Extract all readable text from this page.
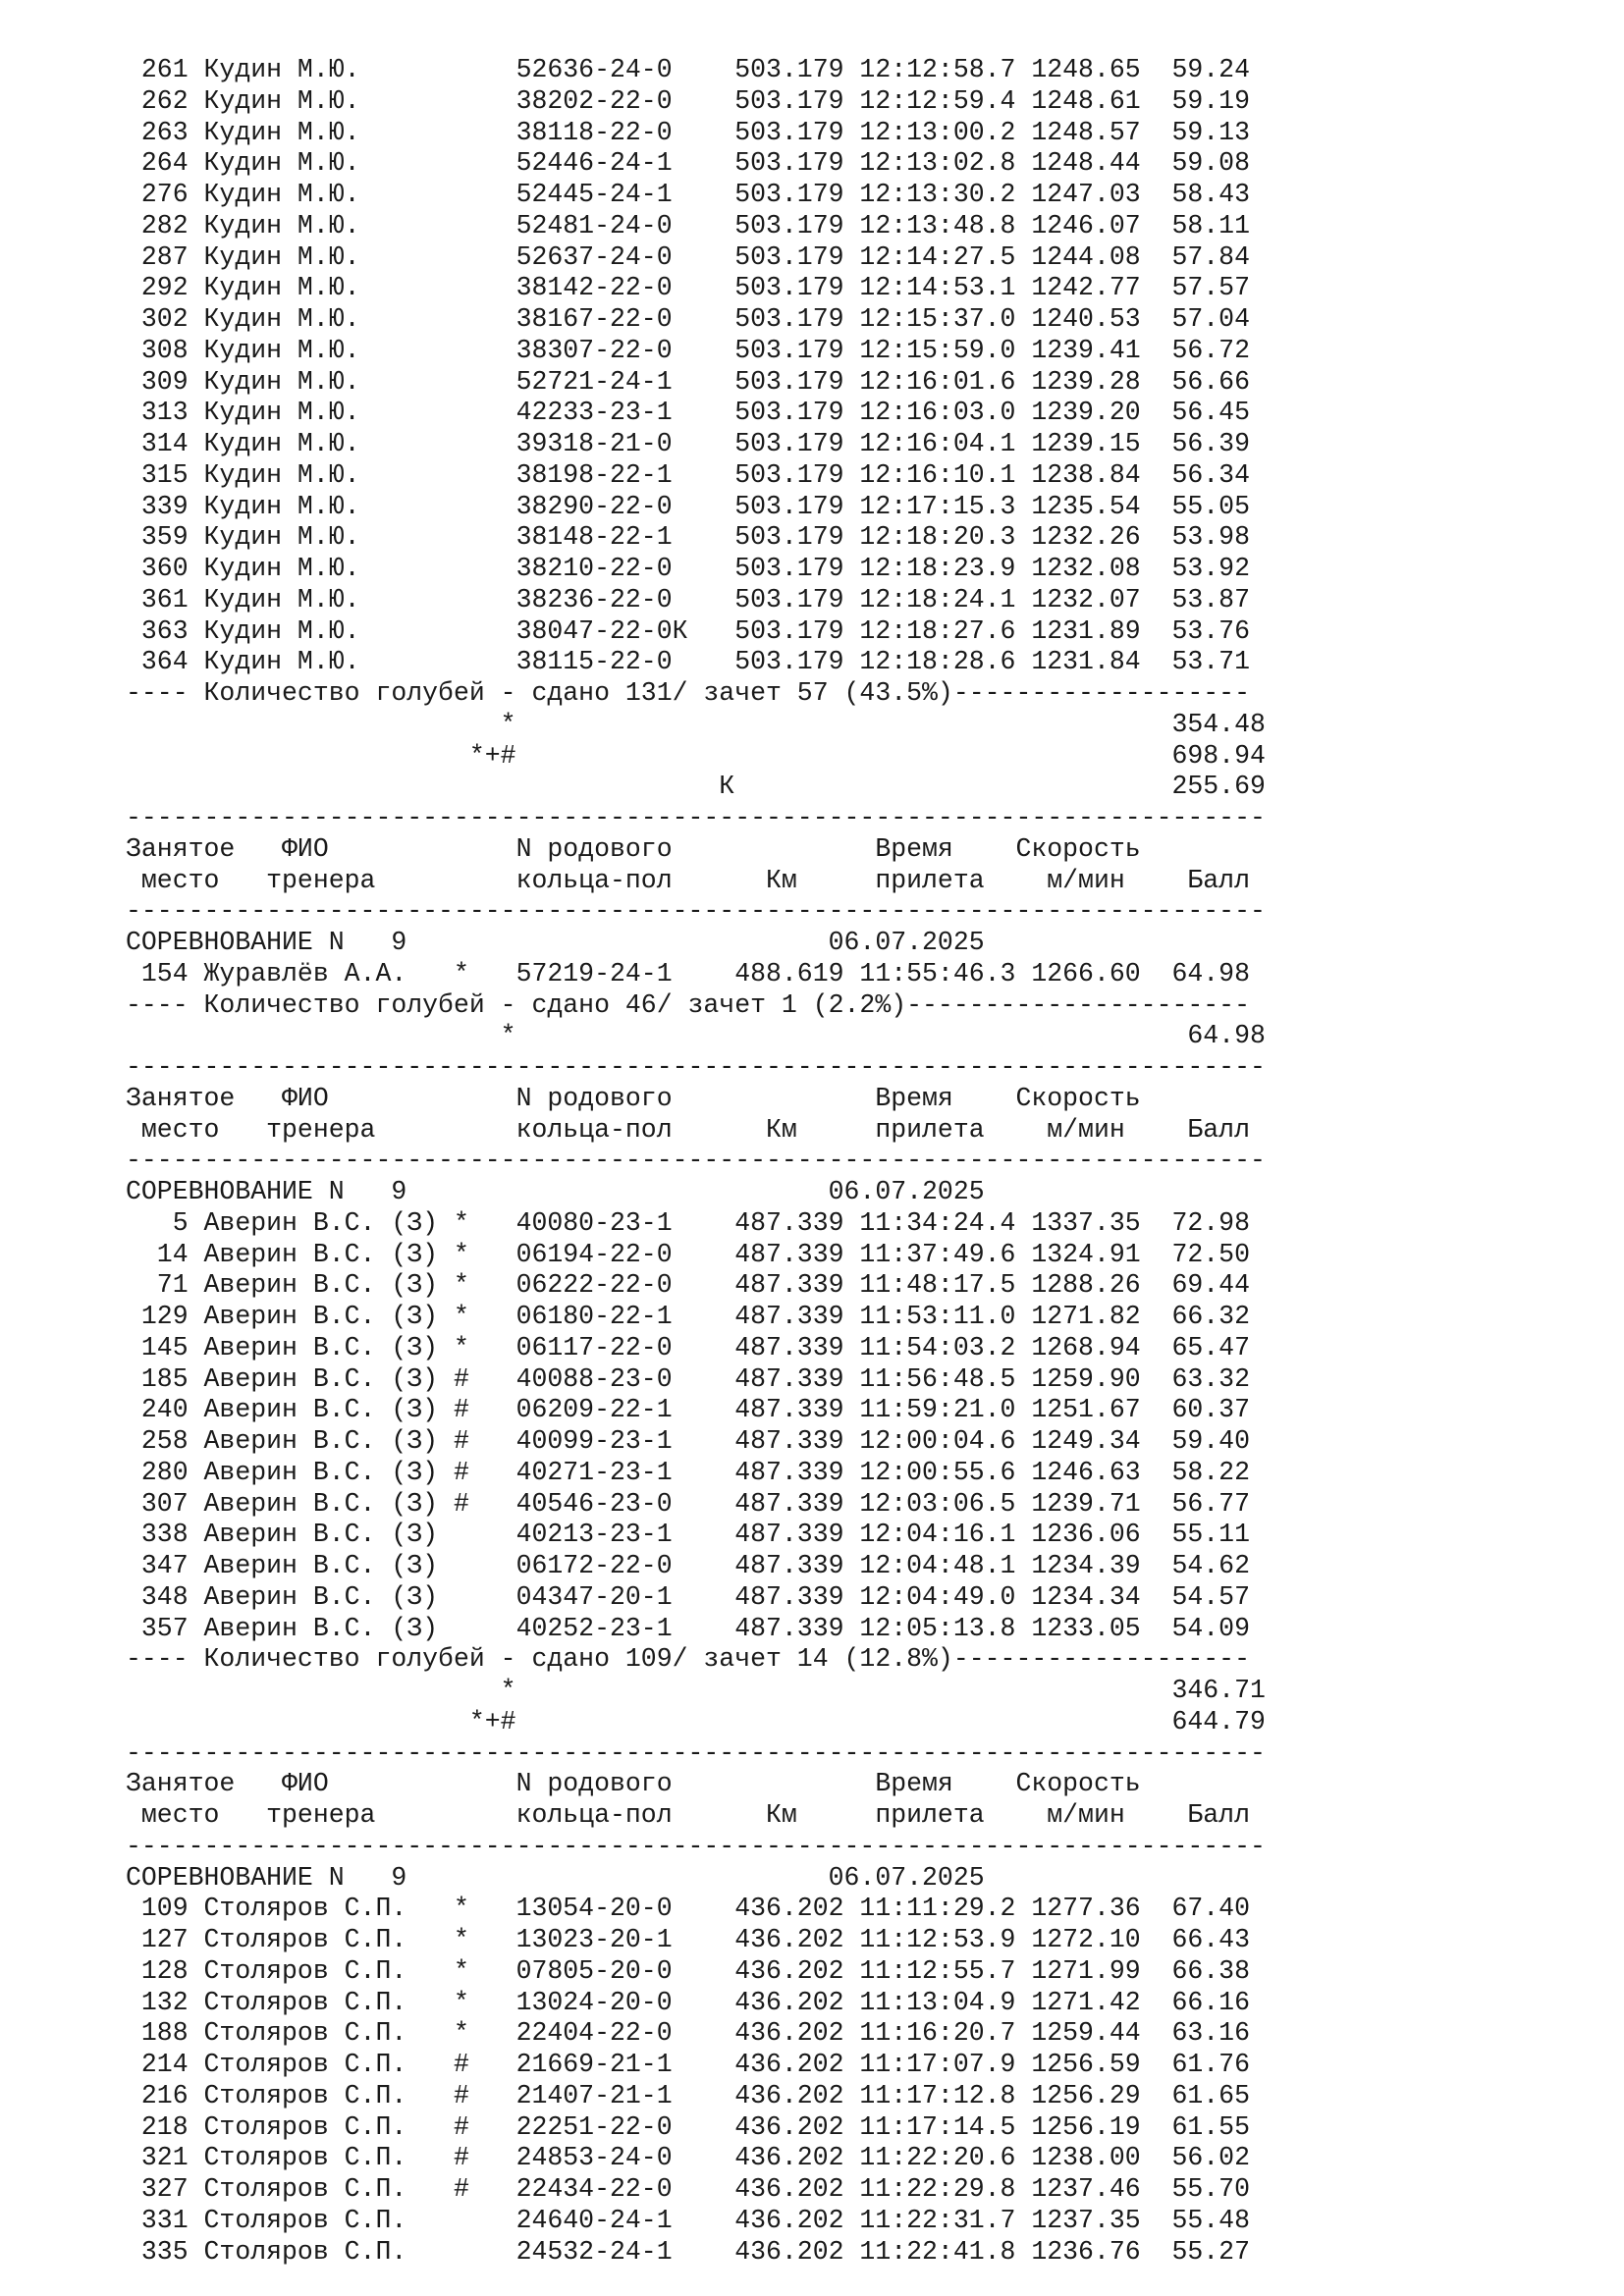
261 Кудин М.Ю.          52636-24-0    503.179 12:12:58.7 1248.65  59.24
262 Кудин М.Ю.          38202-22-0    503.179 12:12:59.4 1248.61  59.19
263 Кудин М.Ю.          38118-22-0    503.179 12:13:00.2 1248.57  59.13
264 Кудин М.Ю.          52446-24-1    503.179 12:13:02.8 1248.44  59.08
276 Кудин М.Ю.          52445-24-1    503.179 12:13:30.2 1247.03  58.43
282 Кудин М.Ю.          52481-24-0    503.179 12:13:48.8 1246.07  58.11
287 Кудин М.Ю.          52637-24-0    503.179 12:14:27.5 1244.08  57.84
292 Кудин М.Ю.          38142-22-0    503.179 12:14:53.1 1242.77  57.57
302 Кудин М.Ю.          38167-22-0    503.179 12:15:37.0 1240.53  57.04
308 Кудин М.Ю.          38307-22-0    503.179 12:15:59.0 1239.41  56.72
309 Кудин М.Ю.          52721-24-1    503.179 12:16:01.6 1239.28  56.66
313 Кудин М.Ю.          42233-23-1    503.179 12:16:03.0 1239.20  56.45
314 Кудин М.Ю.          39318-21-0    503.179 12:16:04.1 1239.15  56.39
315 Кудин М.Ю.          38198-22-1    503.179 12:16:10.1 1238.84  56.34
339 Кудин М.Ю.          38290-22-0    503.179 12:17:15.3 1235.54  55.05
359 Кудин М.Ю.          38148-22-1    503.179 12:18:20.3 1232.26  53.98
360 Кудин М.Ю.          38210-22-0    503.179 12:18:23.9 1232.08  53.92
361 Кудин М.Ю.          38236-22-0    503.179 12:18:24.1 1232.07  53.87
363 Кудин М.Ю.          38047-22-0К   503.179 12:18:27.6 1231.89  53.76
364 Кудин М.Ю.          38115-22-0    503.179 12:18:28.6 1231.84  53.71
---- Количество голубей - сдано 131/ зачет 57 (43.5%)-------------------
*                                          354.48
*+#                                          698.94
К                            255.69
-------------------------------------------------------------------------
Занятое   ФИО            N родового             Время    Скорость
место   тренера         кольца-пол      Км     прилета    м/мин    Балл
-------------------------------------------------------------------------
СОРЕВНОВАНИЕ N   9                           06.07.2025
154 Журавлёв А.А.   *   57219-24-1    488.619 11:55:46.3 1266.60  64.98
---- Количество голубей - сдано 46/ зачет 1 (2.2%)----------------------
*                                           64.98
-------------------------------------------------------------------------
Занятое   ФИО            N родового             Время    Скорость
место   тренера         кольца-пол      Км     прилета    м/мин    Балл
-------------------------------------------------------------------------
СОРЕВНОВАНИЕ N   9                           06.07.2025
5 Аверин В.С. (З) *   40080-23-1    487.339 11:34:24.4 1337.35  72.98
14 Аверин В.С. (З) *   06194-22-0    487.339 11:37:49.6 1324.91  72.50
71 Аверин В.С. (З) *   06222-22-0    487.339 11:48:17.5 1288.26  69.44
129 Аверин В.С. (З) *   06180-22-1    487.339 11:53:11.0 1271.82  66.32
145 Аверин В.С. (З) *   06117-22-0    487.339 11:54:03.2 1268.94  65.47
185 Аверин В.С. (З) #   40088-23-0    487.339 11:56:48.5 1259.90  63.32
240 Аверин В.С. (З) #   06209-22-1    487.339 11:59:21.0 1251.67  60.37
258 Аверин В.С. (З) #   40099-23-1    487.339 12:00:04.6 1249.34  59.40
280 Аверин В.С. (З) #   40271-23-1    487.339 12:00:55.6 1246.63  58.22
307 Аверин В.С. (З) #   40546-23-0    487.339 12:03:06.5 1239.71  56.77
338 Аверин В.С. (З)     40213-23-1    487.339 12:04:16.1 1236.06  55.11
347 Аверин В.С. (З)     06172-22-0    487.339 12:04:48.1 1234.39  54.62
348 Аверин В.С. (З)     04347-20-1    487.339 12:04:49.0 1234.34  54.57
357 Аверин В.С. (З)     40252-23-1    487.339 12:05:13.8 1233.05  54.09
---- Количество голубей - сдано 109/ зачет 14 (12.8%)-------------------
*                                          346.71
*+#                                          644.79
-------------------------------------------------------------------------
Занятое   ФИО            N родового             Время    Скорость
место   тренера         кольца-пол      Км     прилета    м/мин    Балл
-------------------------------------------------------------------------
СОРЕВНОВАНИЕ N   9                           06.07.2025
109 Столяров С.П.   *   13054-20-0    436.202 11:11:29.2 1277.36  67.40
127 Столяров С.П.   *   13023-20-1    436.202 11:12:53.9 1272.10  66.43
128 Столяров С.П.   *   07805-20-0    436.202 11:12:55.7 1271.99  66.38
132 Столяров С.П.   *   13024-20-0    436.202 11:13:04.9 1271.42  66.16
188 Столяров С.П.   *   22404-22-0    436.202 11:16:20.7 1259.44  63.16
214 Столяров С.П.   #   21669-21-1    436.202 11:17:07.9 1256.59  61.76
216 Столяров С.П.   #   21407-21-1    436.202 11:17:12.8 1256.29  61.65
218 Столяров С.П.   #   22251-22-0    436.202 11:17:14.5 1256.19  61.55
321 Столяров С.П.   #   24853-24-0    436.202 11:22:20.6 1238.00  56.02
327 Столяров С.П.   #   22434-22-0    436.202 11:22:29.8 1237.46  55.70
331 Столяров С.П.       24640-24-1    436.202 11:22:31.7 1237.35  55.48
335 Столяров С.П.       24532-24-1    436.202 11:22:41.8 1236.76  55.27
